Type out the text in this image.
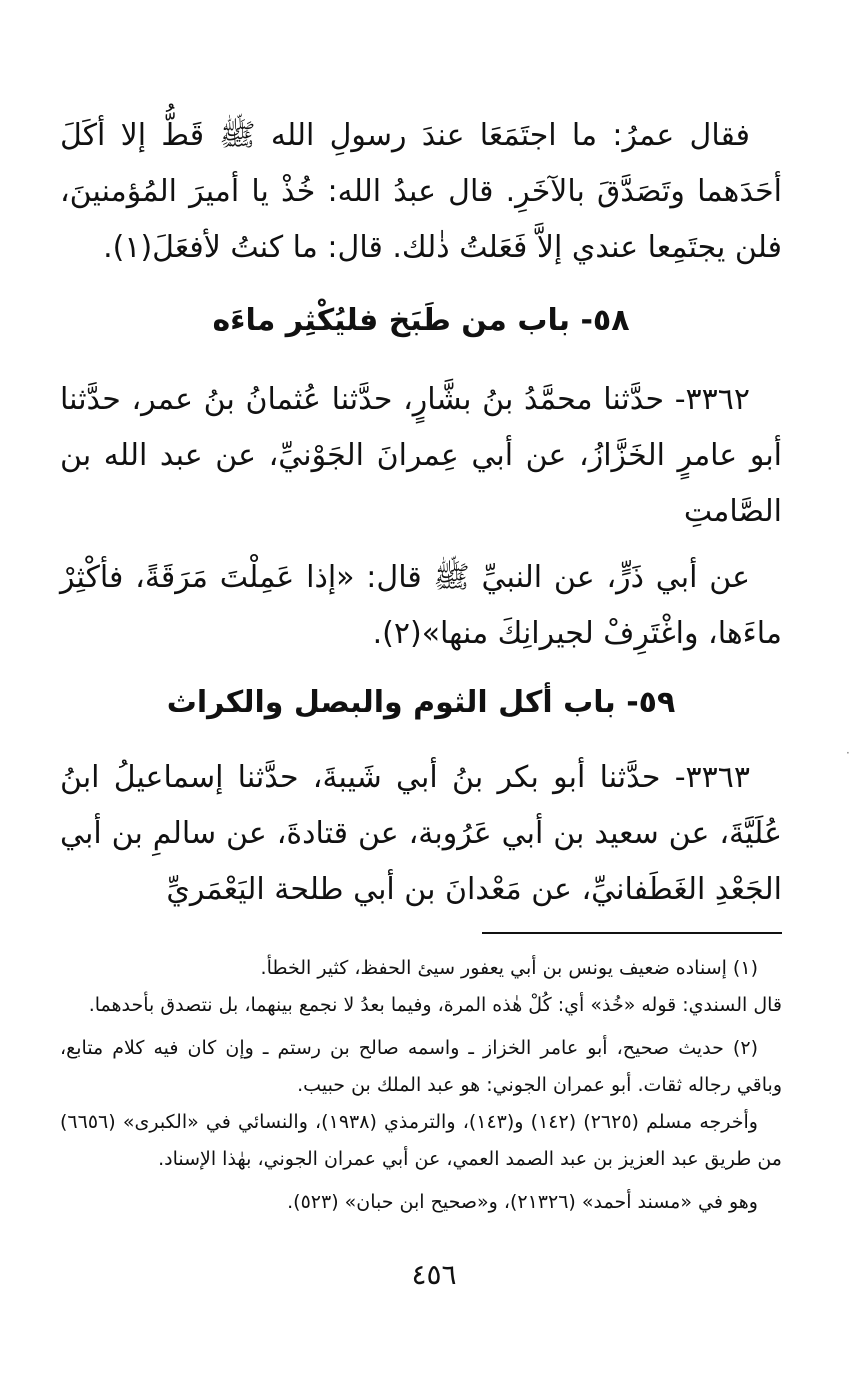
فقال عمرُ: ما اجتَمَعَا عندَ رسولِ الله ﷺ قَطُّ إلا أكَلَ أحَدَهما وتَصَدَّقَ بالآخَرِ. قال عبدُ الله: خُذْ يا أميرَ المُؤمنينَ، فلن يجتَمِعا عندي إلاَّ فَعَلتُ ذٰلك. قال: ما كنتُ لأفعَلَ(١).

٥٨- باب من طَبَخ فليُكْثِر ماءَه

٣٣٦٢- حدَّثنا محمَّدُ بنُ بشَّارٍ، حدَّثنا عُثمانُ بنُ عمر، حدَّثنا أبو عامرٍ الخَزَّازُ، عن أبي عِمرانَ الجَوْنيِّ، عن عبد الله بن الصَّامتِ

عن أبي ذَرٍّ، عن النبيِّ ﷺ قال: «إذا عَمِلْتَ مَرَقَةً، فأكْثِرْ ماءَها، واغْتَرِفْ لجيرانِكَ منها»(٢).

٥٩- باب أكل الثوم والبصل والكراث

٣٣٦٣- حدَّثنا أبو بكر بنُ أبي شَيبةَ، حدَّثنا إسماعيلُ ابنُ عُلَيَّةَ، عن سعيد بن أبي عَرُوبة، عن قتادةَ، عن سالمِ بن أبي الجَعْدِ الغَطَفانيِّ، عن مَعْدانَ بن أبي طلحة اليَعْمَريِّ

(١) إسناده ضعيف يونس بن أبي يعفور سيئ الحفظ، كثير الخطأ.

قال السندي: قوله «خُذ» أي: كُلْ هٰذه المرة، وفيما بعدُ لا نجمع بينهما، بل نتصدق بأحدهما.

(٢) حديث صحيح، أبو عامر الخزاز ـ واسمه صالح بن رستم ـ وإن كان فيه كلام متابع، وباقي رجاله ثقات. أبو عمران الجوني: هو عبد الملك بن حبيب.

وأخرجه مسلم (٢٦٢٥) (١٤٢) و(١٤٣)، والترمذي (١٩٣٨)، والنسائي في «الكبرى» (٦٦٥٦) من طريق عبد العزيز بن عبد الصمد العمي، عن أبي عمران الجوني، بهٰذا الإسناد.

وهو في «مسند أحمد» (٢١٣٢٦)، و«صحيح ابن حبان» (٥٢٣).

٤٥٦
·
